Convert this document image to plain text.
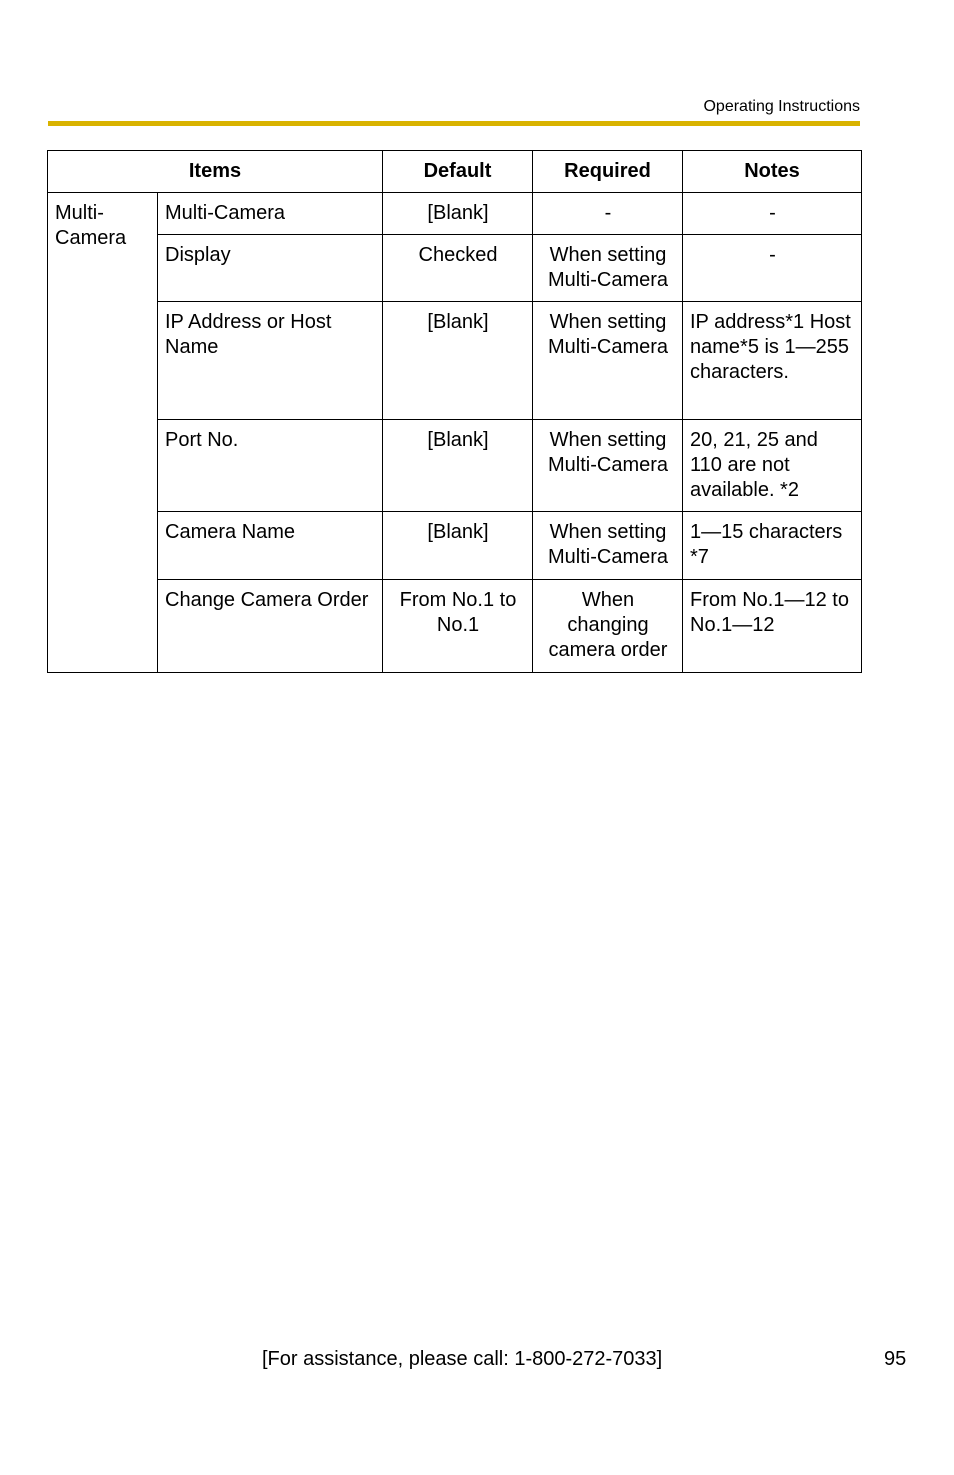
Operating Instructions
Items		Default	Required	Notes
Multi-
Camera	Multi-Camera	[Blank]	-	-
	Display	Checked	When setting Multi-Camera	-
	IP Address or Host Name	[Blank]	When setting Multi-Camera	IP address*1 Host name*5 is 1—255 characters.
	Port No.	[Blank]	When setting Multi-Camera	20, 21, 25 and 110 are not available. *2
	Camera Name	[Blank]	When setting Multi-Camera	1—15 characters *7
	Change Camera Order	From No.1 to No.1	When changing camera order	From No.1—12 to No.1—12
[For assistance, please call: 1-800-272-7033]	95
